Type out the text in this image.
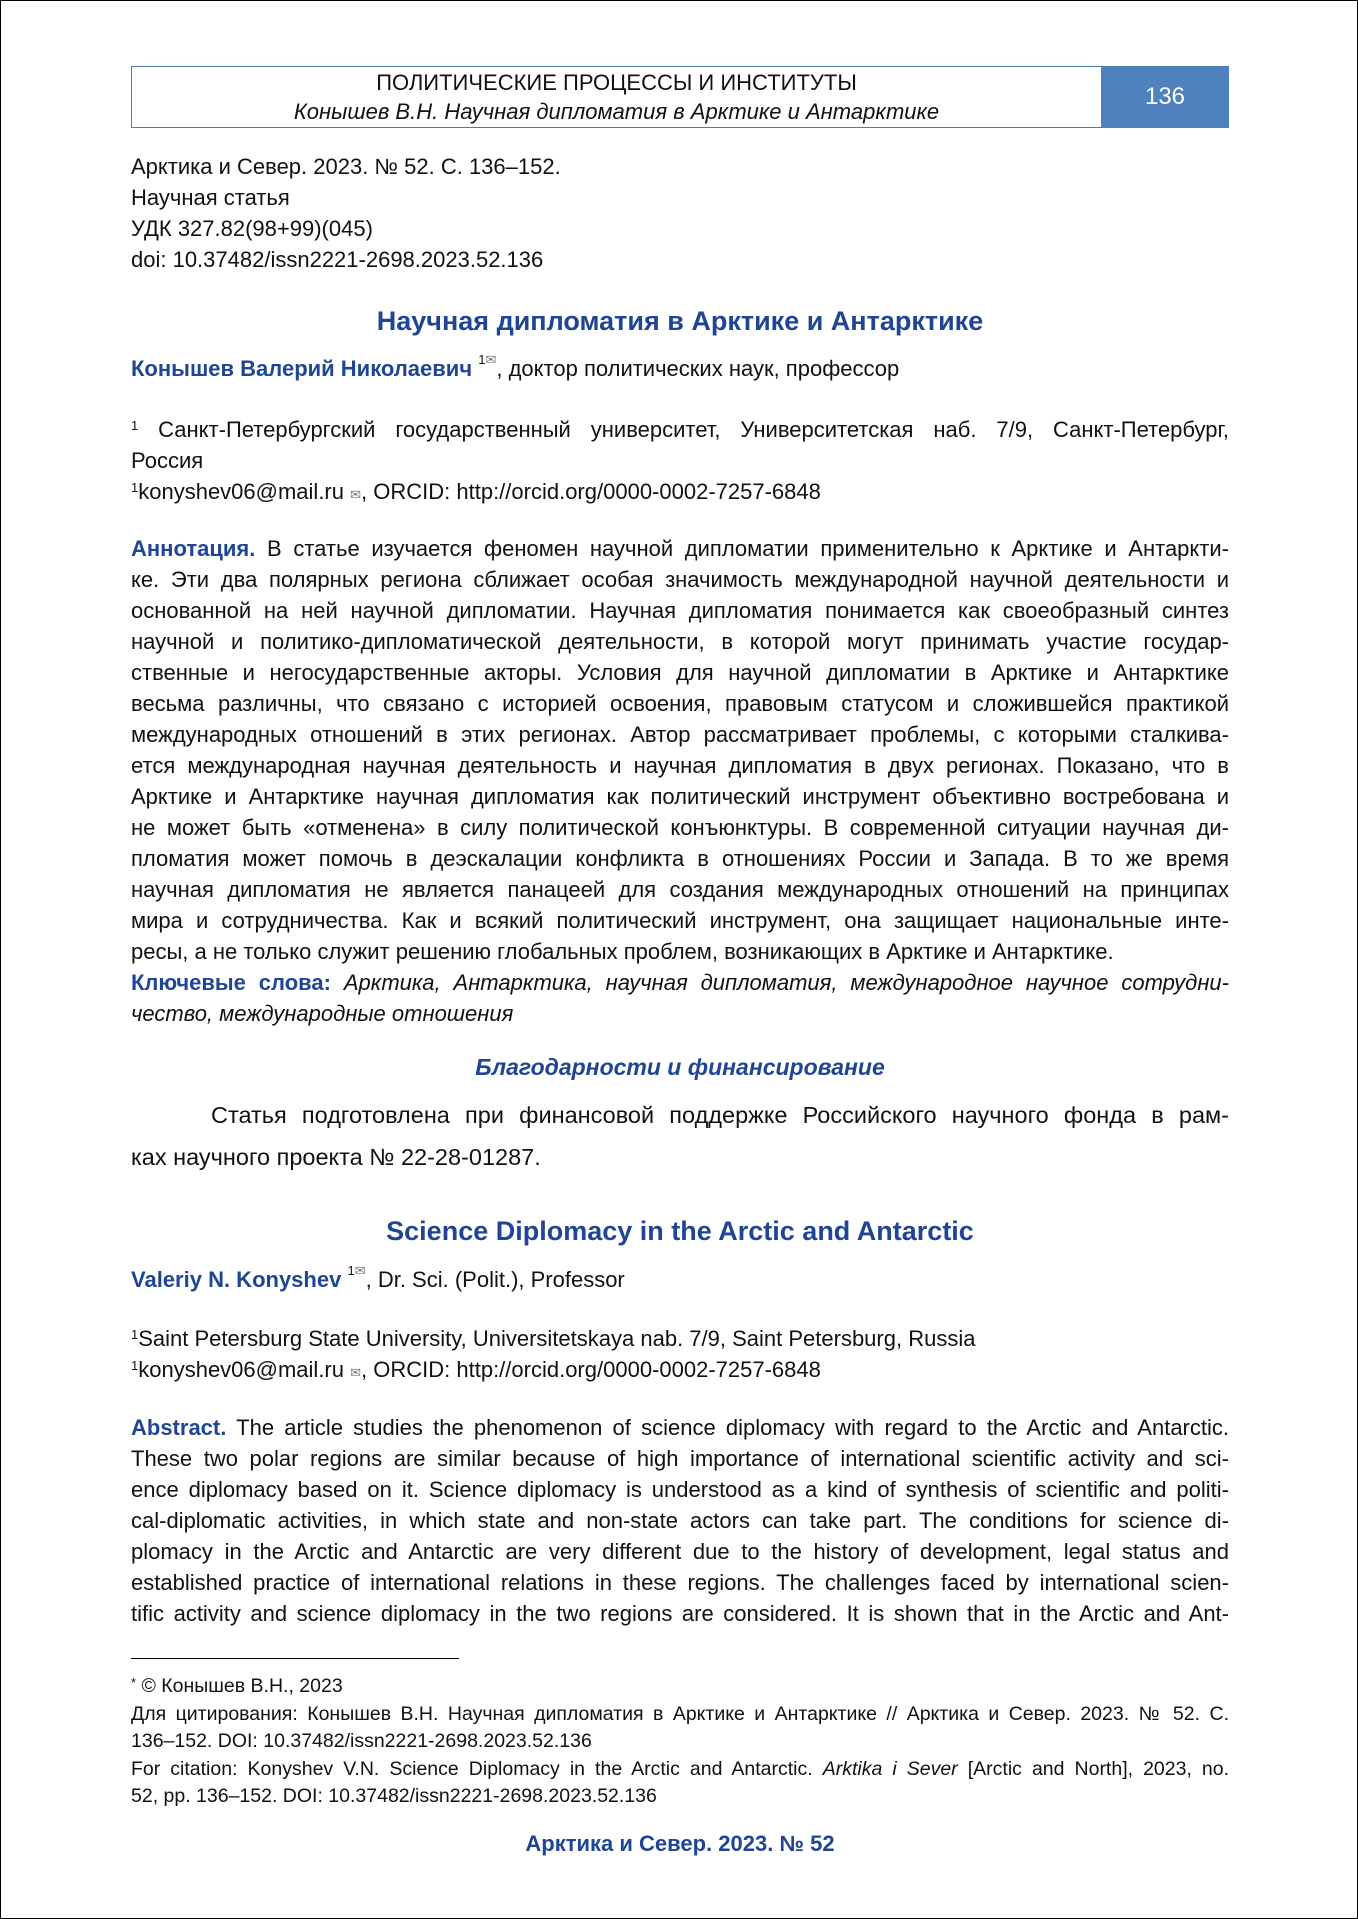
ПОЛИТИЧЕСКИЕ ПРОЦЕССЫ И ИНСТИТУТЫ
Конышев В.Н. Научная дипломатия в Арктике и Антарктике
136
Арктика и Север. 2023. № 52. С. 136–152.
Научная статья
УДК 327.82(98+99)(045)
doi: 10.37482/issn2221-2698.2023.52.136
Научная дипломатия в Арктике и Антарктике
Конышев Валерий Николаевич $^{1✉}$, доктор политических наук, профессор
$^1$ Санкт-Петербургский государственный университет, Университетская наб. 7/9, Санкт-Петербург,
Россия
$^1$konyshev06@mail.ru ✉, ORCID: http://orcid.org/0000-0002-7257-6848
Аннотация. В статье изучается феномен научной дипломатии применительно к Арктике и Антаркти-
ке. Эти два полярных региона сближает особая значимость международной научной деятельности и
основанной на ней научной дипломатии. Научная дипломатия понимается как своеобразный синтез
научной и политико-дипломатической деятельности, в которой могут принимать участие государ-
ственные и негосударственные акторы. Условия для научной дипломатии в Арктике и Антарктике
весьма различны, что связано с историей освоения, правовым статусом и сложившейся практикой
международных отношений в этих регионах. Автор рассматривает проблемы, с которыми сталкива-
ется международная научная деятельность и научная дипломатия в двух регионах. Показано, что в
Арктике и Антарктике научная дипломатия как политический инструмент объективно востребована и
не может быть «отменена» в силу политической конъюнктуры. В современной ситуации научная ди-
пломатия может помочь в деэскалации конфликта в отношениях России и Запада. В то же время
научная дипломатия не является панацеей для создания международных отношений на принципах
мира и сотрудничества. Как и всякий политический инструмент, она защищает национальные инте-
ресы, а не только служит решению глобальных проблем, возникающих в Арктике и Антарктике.
Ключевые слова: Арктика, Антарктика, научная дипломатия, международное научное сотрудни-
чество, международные отношения
Благодарности и финансирование
Статья подготовлена при финансовой поддержке Российского научного фонда в рам-
ках научного проекта № 22-28-01287.
Science Diplomacy in the Arctic and Antarctic
Valeriy N. Konyshev $^{1✉}$, Dr. Sci. (Polit.), Professor
$^1$Saint Petersburg State University, Universitetskaya nab. 7/9, Saint Petersburg, Russia
$^1$konyshev06@mail.ru ✉, ORCID: http://orcid.org/0000-0002-7257-6848
Abstract. The article studies the phenomenon of science diplomacy with regard to the Arctic and Antarctic.
These two polar regions are similar because of high importance of international scientific activity and sci-
ence diplomacy based on it. Science diplomacy is understood as a kind of synthesis of scientific and politi-
cal-diplomatic activities, in which state and non-state actors can take part. The conditions for science di-
plomacy in the Arctic and Antarctic are very different due to the history of development, legal status and
established practice of international relations in these regions. The challenges faced by international scien-
tific activity and science diplomacy in the two regions are considered. It is shown that in the Arctic and Ant-
* © Конышев В.Н., 2023
Для цитирования: Конышев В.Н. Научная дипломатия в Арктике и Антарктике // Арктика и Север. 2023. № 52. С.
136–152. DOI: 10.37482/issn2221-2698.2023.52.136
For citation: Konyshev V.N. Science Diplomacy in the Arctic and Antarctic. Arktika i Sever [Arctic and North], 2023, no.
52, pp. 136–152. DOI: 10.37482/issn2221-2698.2023.52.136
Арктика и Север. 2023. № 52
